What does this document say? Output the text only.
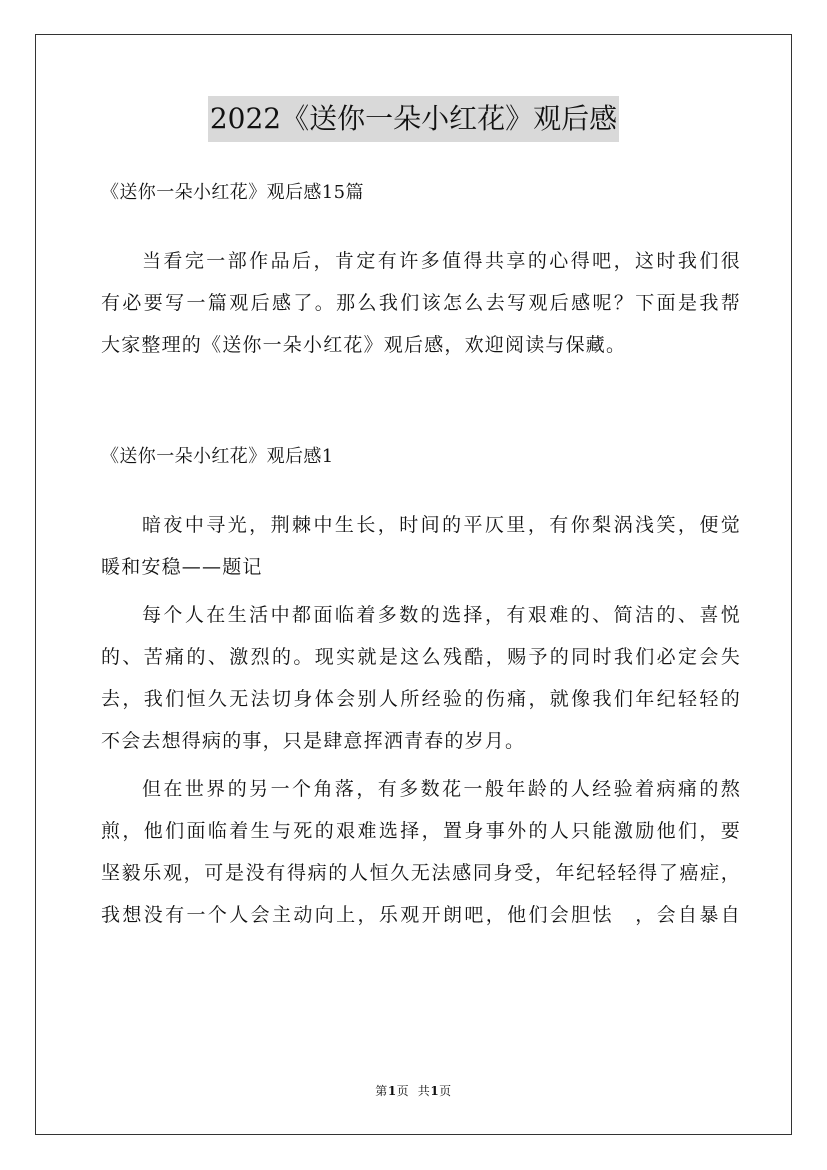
2022《送你一朵小红花》观后感
《送你一朵小红花》观后感15篇
当看完一部作品后，肯定有许多值得共享的心得吧，这时我们很
有必要写一篇观后感了。那么我们该怎么去写观后感呢？下面是我帮
大家整理的《送你一朵小红花》观后感，欢迎阅读与保藏。
《送你一朵小红花》观后感1
暗夜中寻光，荆棘中生长，时间的平仄里，有你梨涡浅笑，便觉
暖和安稳——题记
每个人在生活中都面临着多数的选择，有艰难的、简洁的、喜悦
的、苦痛的、激烈的。现实就是这么残酷，赐予的同时我们必定会失
去，我们恒久无法切身体会别人所经验的伤痛，就像我们年纪轻轻的
不会去想得病的事，只是肆意挥洒青春的岁月。
但在世界的另一个角落，有多数花一般年龄的人经验着病痛的熬
煎，他们面临着生与死的艰难选择，置身事外的人只能激励他们，要
坚毅乐观，可是没有得病的人恒久无法感同身受，年纪轻轻得了癌症，
我想没有一个人会主动向上，乐观开朗吧，他们会胆怯　，会自暴自
第1页  共1页
